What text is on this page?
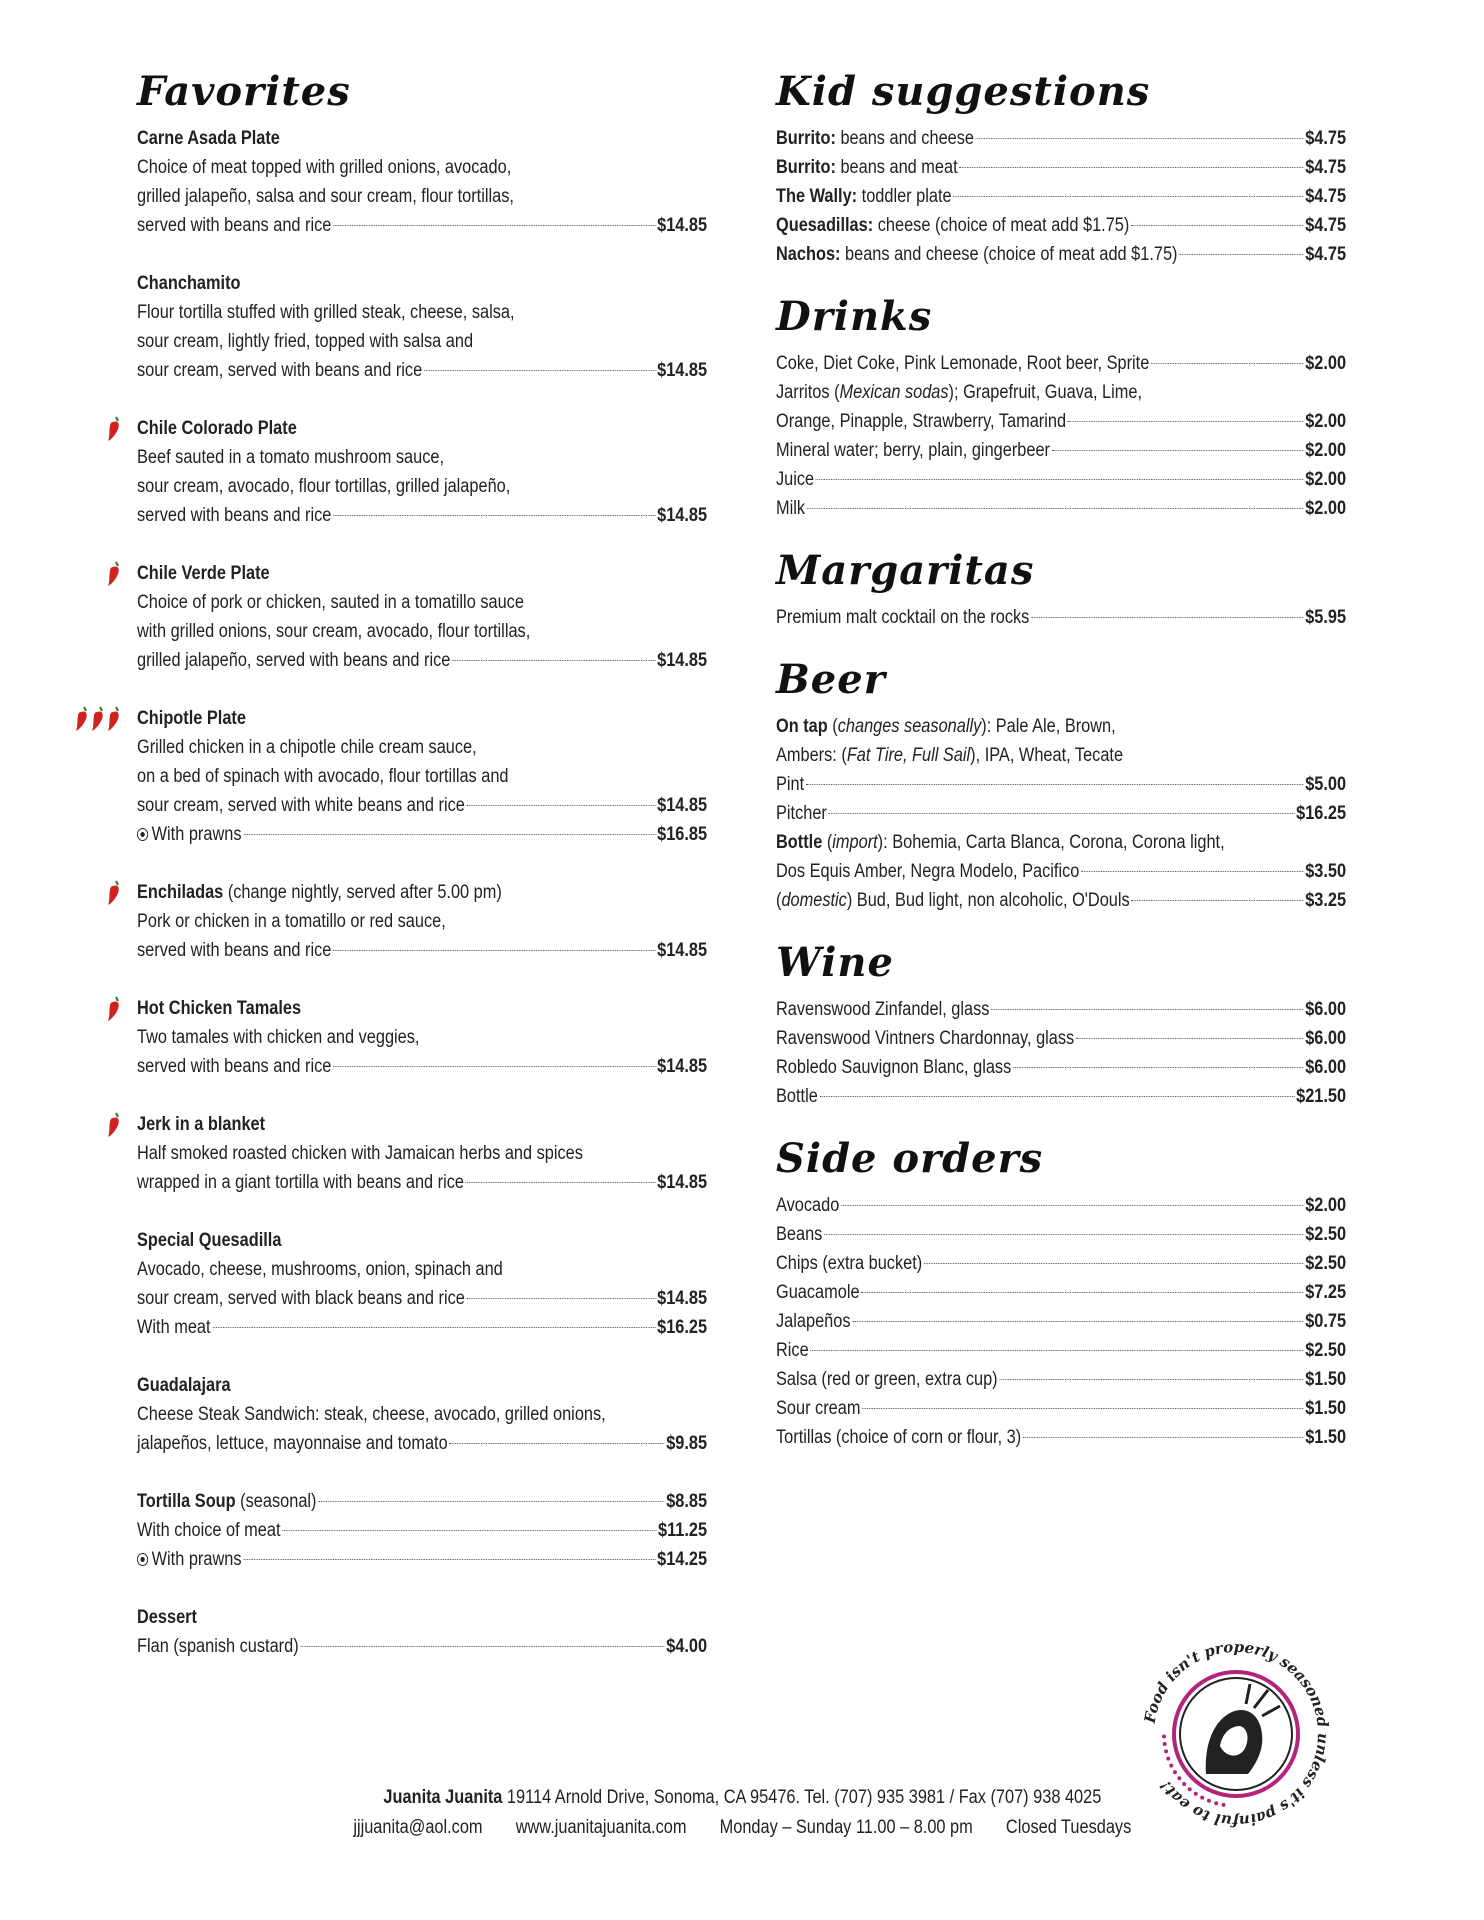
Favorites
Carne Asada Plate
Choice of meat topped with grilled onions, avocado,
grilled jalapeño, salsa and sour cream, flour tortillas,
served with beans and rice	$14.85
Chanchamito
Flour tortilla stuffed with grilled steak, cheese, salsa,
sour cream, lightly fried, topped with salsa and
sour cream, served with beans and rice	$14.85
Chile Colorado Plate
Beef sauted in a tomato mushroom sauce,
sour cream, avocado, flour tortillas, grilled jalapeño,
served with beans and rice	$14.85
Chile Verde Plate
Choice of pork or chicken, sauted in a tomatillo sauce
with grilled onions, sour cream, avocado, flour tortillas,
grilled jalapeño, served with beans and rice	$14.85
Chipotle Plate
Grilled chicken in a chipotle chile cream sauce,
on a bed of spinach with avocado, flour tortillas and
sour cream, served with white beans and rice	$14.85
With prawns	$16.85
Enchiladas (change nightly, served after 5.00 pm)
Pork or chicken in a tomatillo or red sauce,
served with beans and rice	$14.85
Hot Chicken Tamales
Two tamales with chicken and veggies,
served with beans and rice	$14.85
Jerk in a blanket
Half smoked roasted chicken with Jamaican herbs and spices
wrapped in a giant tortilla with beans and rice	$14.85
Special Quesadilla
Avocado, cheese, mushrooms, onion, spinach and
sour cream, served with black beans and rice	$14.85
With meat	$16.25
Guadalajara
Cheese Steak Sandwich: steak, cheese, avocado, grilled onions,
jalapeños, lettuce, mayonnaise and tomato	$9.85
Tortilla Soup (seasonal)	$8.85
With choice of meat	$11.25
With prawns	$14.25
Dessert
Flan (spanish custard)	$4.00
Kid suggestions
Burrito: beans and cheese	$4.75
Burrito: beans and meat	$4.75
The Wally: toddler plate	$4.75
Quesadillas: cheese (choice of meat add $1.75)	$4.75
Nachos: beans and cheese (choice of meat add $1.75)	$4.75
Drinks
Coke, Diet Coke, Pink Lemonade, Root beer, Sprite	$2.00
Jarritos (Mexican sodas); Grapefruit, Guava, Lime,
Orange, Pinapple, Strawberry, Tamarind	$2.00
Mineral water; berry, plain, gingerbeer	$2.00
Juice	$2.00
Milk	$2.00
Margaritas
Premium malt cocktail on the rocks	$5.95
Beer
On tap (changes seasonally): Pale Ale, Brown,
Ambers: (Fat Tire, Full Sail), IPA, Wheat, Tecate
Pint	$5.00
Pitcher	$16.25
Bottle (import): Bohemia, Carta Blanca, Corona, Corona light,
Dos Equis Amber, Negra Modelo, Pacifico	$3.50
(domestic) Bud, Bud light, non alcoholic, O'Douls	$3.25
Wine
Ravenswood Zinfandel, glass	$6.00
Ravenswood Vintners Chardonnay, glass	$6.00
Robledo Sauvignon Blanc, glass	$6.00
Bottle	$21.50
Side orders
Avocado	$2.00
Beans	$2.50
Chips (extra bucket)	$2.50
Guacamole	$7.25
Jalapeños	$0.75
Rice	$2.50
Salsa (red or green, extra cup)	$1.50
Sour cream	$1.50
Tortillas (choice of corn or flour, 3)	$1.50
Food isn't properly seasoned unless it's painful to eat!
Juanita Juanita 19114 Arnold Drive, Sonoma, CA 95476. Tel. (707) 935 3981 / Fax (707) 938 4025
jjjuanita@aol.com www.juanitajuanita.com Monday – Sunday 11.00 – 8.00 pm Closed Tuesdays
